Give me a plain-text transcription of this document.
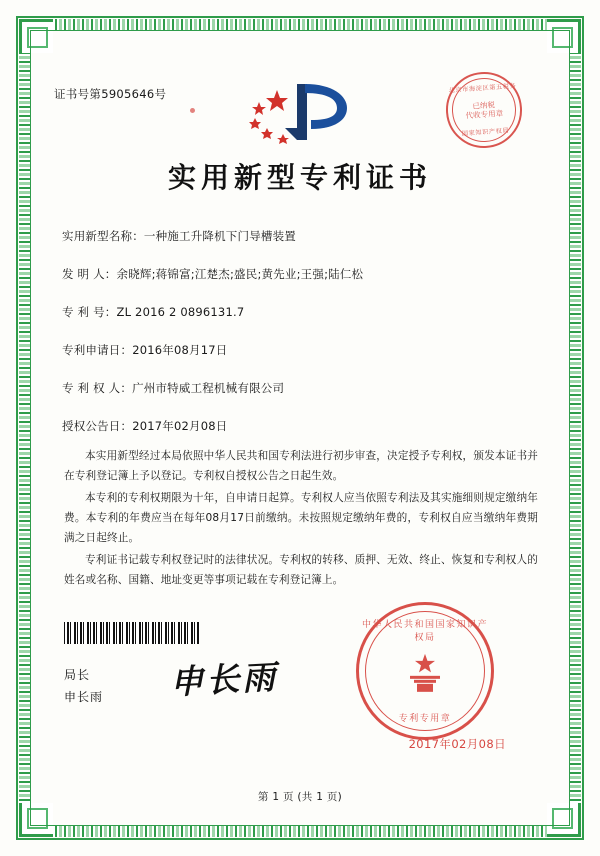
证书号第5905646号	北京市海淀区第五税务
已纳税
代收专用章
国家知识产权局
实用新型专利证书
实用新型名称：一种施工升降机下门导槽装置
发 明 人：余晓辉;蒋锦富;江楚杰;盛民;黄先业;王强;陆仁松
专 利 号：ZL 2016 2 0896131.7
专利申请日：2016年08月17日
专 利 权 人：广州市特威工程机械有限公司
授权公告日：2017年02月08日
本实用新型经过本局依照中华人民共和国专利法进行初步审查，决定授予专利权，颁发本证书并在专利登记簿上予以登记。专利权自授权公告之日起生效。
本专利的专利权期限为十年，自申请日起算。专利权人应当依照专利法及其实施细则规定缴纳年费。本专利的年费应当在每年08月17日前缴纳。未按照规定缴纳年费的，专利权自应当缴纳年费期满之日起终止。
专利证书记载专利权登记时的法律状况。专利权的转移、质押、无效、终止、恢复和专利权人的姓名或名称、国籍、地址变更等事项记载在专利登记簿上。
局长
申长雨 申长雨
中华人民共和国国家知识产权局
专利专用章
2017年02月08日
第 1 页 (共 1 页)
